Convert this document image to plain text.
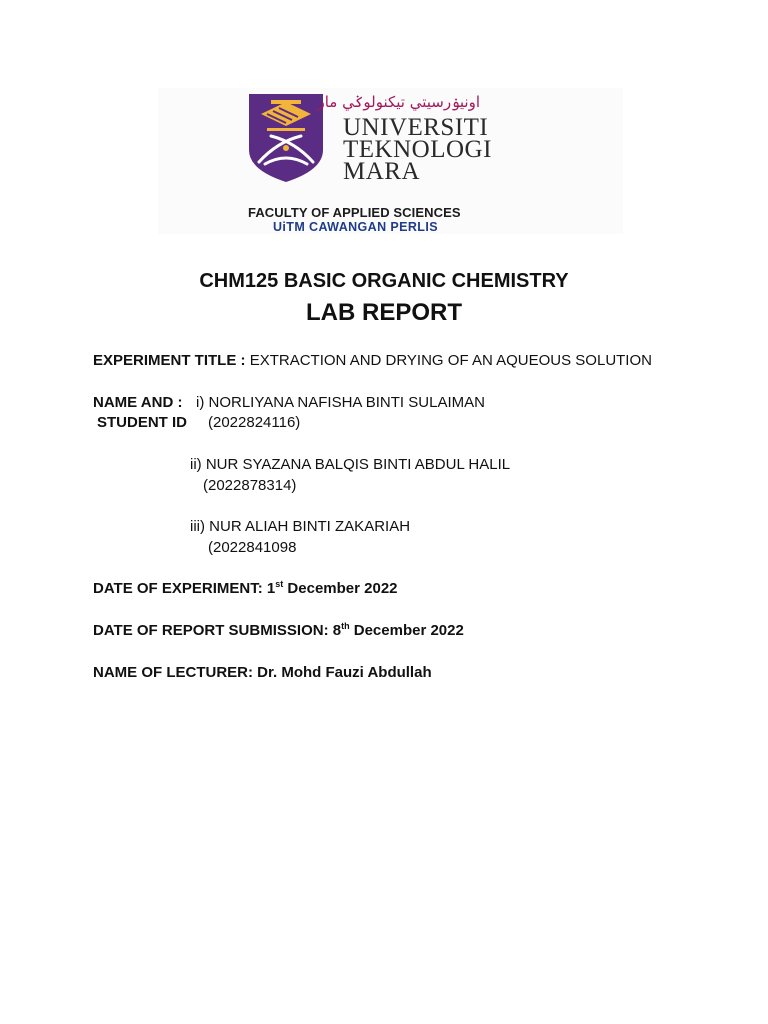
اونيۏرسيتي تيکنولوݢي مار
UNIVERSITI
TEKNOLOGI
MARA
FACULTY OF APPLIED SCIENCES
UiTM CAWANGAN PERLIS
CHM125 BASIC ORGANIC CHEMISTRY
LAB REPORT
EXPERIMENT TITLE : EXTRACTION AND DRYING OF AN AQUEOUS SOLUTION
NAME AND :
STUDENT ID
i) NORLIYANA NAFISHA BINTI SULAIMAN
(2022824116)
ii) NUR SYAZANA BALQIS BINTI ABDUL HALIL
(2022878314)
iii) NUR ALIAH BINTI ZAKARIAH
(2022841098
DATE OF EXPERIMENT: 1st December 2022
DATE OF REPORT SUBMISSION: 8th December 2022
NAME OF LECTURER: Dr. Mohd Fauzi Abdullah
